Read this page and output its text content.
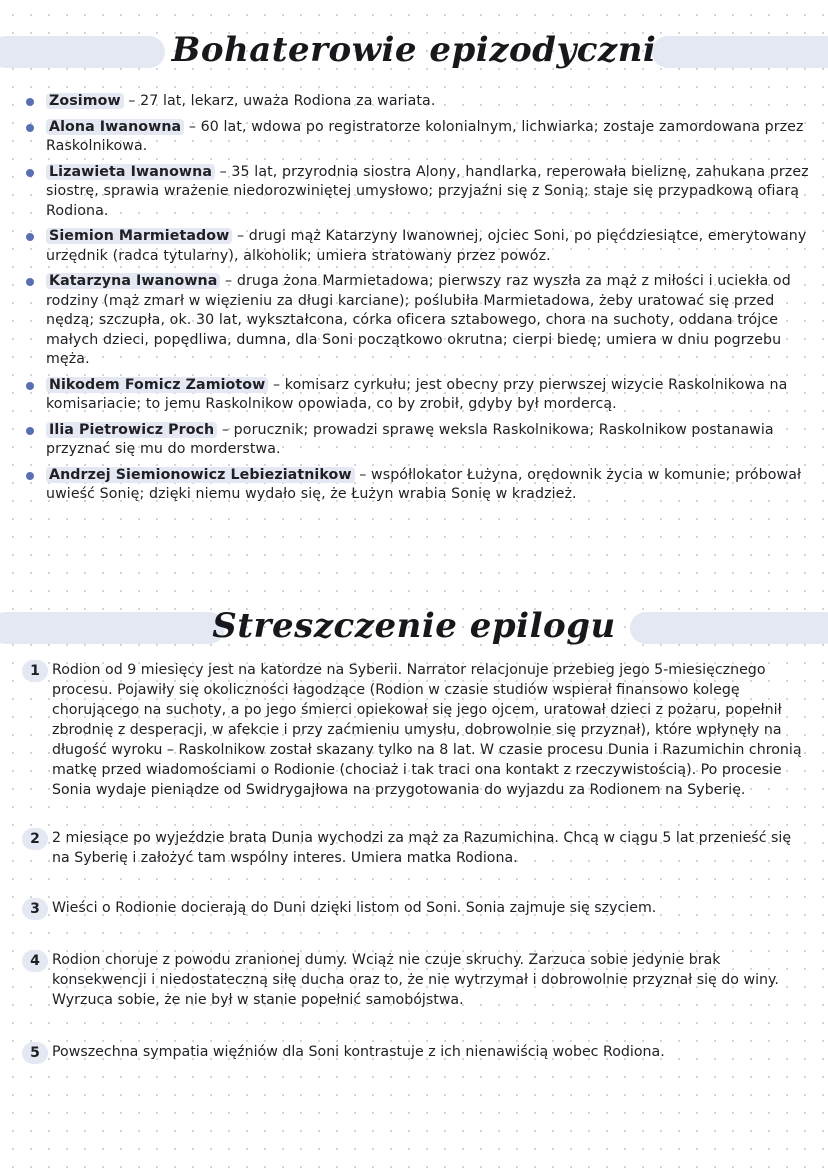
Bohaterowie epizodyczni
Zosimow – 27 lat, lekarz, uważa Rodiona za wariata.
Alona Iwanowna – 60 lat, wdowa po registratorze kolonialnym, lichwiarka; zostaje zamordowana przez Raskolnikowa.
Lizawieta Iwanowna – 35 lat, przyrodnia siostra Alony, handlarka, reperowała bieliznę, zahukana przez siostrę, sprawia wrażenie niedorozwiniętej umysłowo; przyjaźni się z Sonią; staje się przypadkową ofiarą Rodiona.
Siemion Marmietadow – drugi mąż Katarzyny Iwanownej, ojciec Soni, po pięćdziesiątce, emerytowany urzędnik (radca tytularny), alkoholik; umiera stratowany przez powóz.
Katarzyna Iwanowna – druga żona Marmietadowa; pierwszy raz wyszła za mąż z miłości i uciekła od rodziny (mąż zmarł w więzieniu za długi karciane); poślubiła Marmietadowa, żeby uratować się przed nędzą; szczupła, ok. 30 lat, wykształcona, córka oficera sztabowego, chora na suchoty, oddana trójce małych dzieci, popędliwa, dumna, dla Soni początkowo okrutna; cierpi biedę; umiera w dniu pogrzebu męża.
Nikodem Fomicz Zamiotow – komisarz cyrkułu; jest obecny przy pierwszej wizycie Raskolnikowa na komisariacie; to jemu Raskolnikow opowiada, co by zrobił, gdyby był mordercą.
Ilia Pietrowicz Proch – porucznik; prowadzi sprawę weksla Raskolnikowa; Raskolnikow postanawia przyznać się mu do morderstwa.
Andrzej Siemionowicz Lebieziatnikow – współlokator Łużyna, orędownik życia w komunie; próbował uwieść Sonię; dzięki niemu wydało się, że Łużyn wrabia Sonię w kradzież.
Streszczenie epilogu
1 Rodion od 9 miesięcy jest na katordze na Syberii. Narrator relacjonuje przebieg jego 5-miesięcznego procesu. Pojawiły się okoliczności łagodzące (Rodion w czasie studiów wspierał finansowo kolegę chorującego na suchoty, a po jego śmierci opiekował się jego ojcem, uratował dzieci z pożaru, popełnił zbrodnię z desperacji, w afekcie i przy zaćmieniu umysłu, dobrowolnie się przyznał), które wpłynęły na długość wyroku – Raskolnikow został skazany tylko na 8 lat. W czasie procesu Dunia i Razumichin chronią matkę przed wiadomościami o Rodionie (chociaż i tak traci ona kontakt z rzeczywistością). Po procesie Sonia wydaje pieniądze od Swidrygajłowa na przygotowania do wyjazdu za Rodionem na Syberię.
2 2 miesiące po wyjeździe brata Dunia wychodzi za mąż za Razumichina. Chcą w ciągu 5 lat przenieść się na Syberię i założyć tam wspólny interes. Umiera matka Rodiona.
3 Wieści o Rodionie docierają do Duni dzięki listom od Soni. Sonia zajmuje się szyciem.
4 Rodion choruje z powodu zranionej dumy. Wciąż nie czuje skruchy. Zarzuca sobie jedynie brak konsekwencji i niedostateczną siłę ducha oraz to, że nie wytrzymał i dobrowolnie przyznał się do winy. Wyrzuca sobie, że nie był w stanie popełnić samobójstwa.
5 Powszechna sympatia więźniów dla Soni kontrastuje z ich nienawiścią wobec Rodiona.
